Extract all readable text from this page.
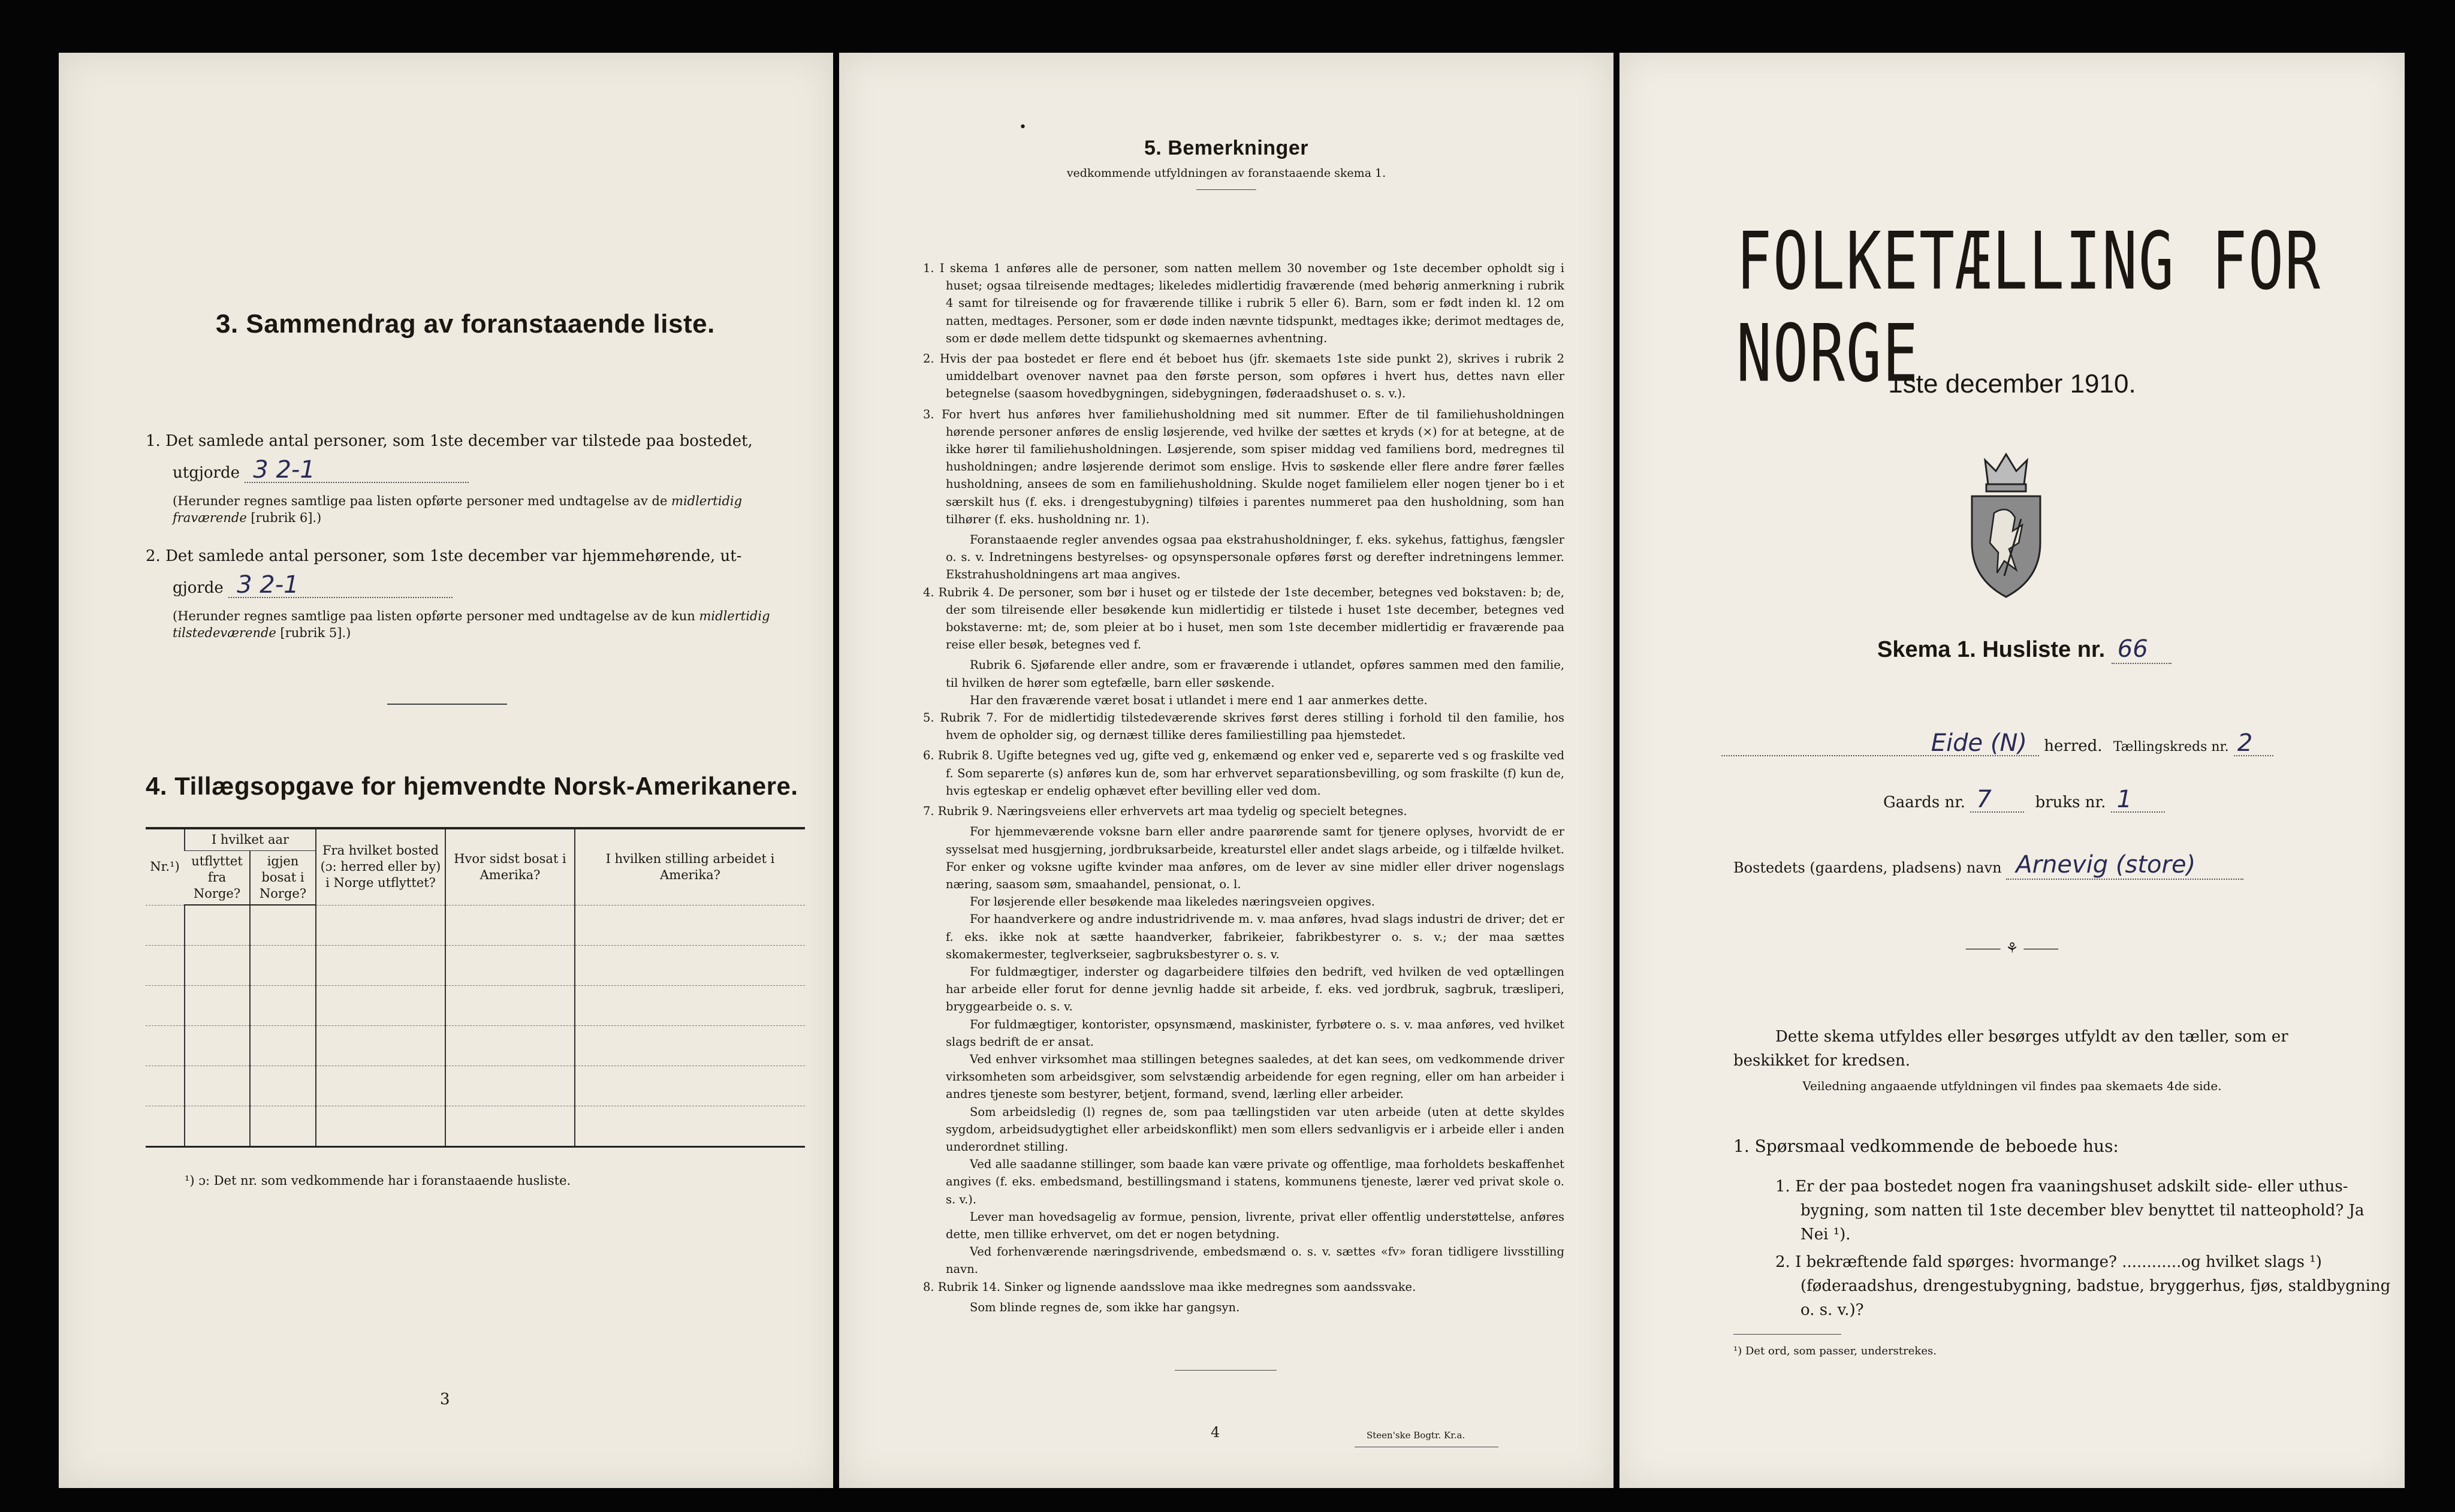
3. Sammendrag av foranstaaende liste.
1. Det samlede antal personer, som 1ste december var tilstede paa bostedet,
utgjorde 3 2-1
(Herunder regnes samtlige paa listen opførte personer med undtagelse av de midlertidig fraværende [rubrik 6].)
2. Det samlede antal personer, som 1ste december var hjemmehørende, ut-
gjorde 3 2-1
(Herunder regnes samtlige paa listen opførte personer med undtagelse av de kun midlertidig tilstedeværende [rubrik 5].)
4. Tillægsopgave for hjemvendte Norsk-Amerikanere.
Nr.¹)	I hvilket aar		Fra hvilket bosted (ɔ: herred eller by) i Norge utflyttet?	Hvor sidst bosat i Amerika?	I hvilken stilling arbeidet i Amerika?
	utflyttet fra Norge?	igjen bosat i Norge?			

¹) ɔ: Det nr. som vedkommende har i foranstaaende husliste.
3
•
5. Bemerkninger
vedkommende utfyldningen av foranstaaende skema 1.

1. I skema 1 anføres alle de personer, som natten mellem 30 november og 1ste december opholdt sig i huset; ogsaa tilreisende medtages; likeledes midlertidig fraværende (med behørig anmerkning i rubrik 4 samt for tilreisende og for fraværende tillike i rubrik 5 eller 6). Barn, som er født inden kl. 12 om natten, medtages. Personer, som er døde inden nævnte tidspunkt, medtages ikke; derimot medtages de, som er døde mellem dette tidspunkt og skemaernes avhentning.

2. Hvis der paa bostedet er flere end ét beboet hus (jfr. skemaets 1ste side punkt 2), skrives i rubrik 2 umiddelbart ovenover navnet paa den første person, som opføres i hvert hus, dettes navn eller betegnelse (saasom hovedbygningen, sidebygningen, føderaadshuset o. s. v.).

3. For hvert hus anføres hver familiehusholdning med sit nummer. Efter de til familiehusholdningen hørende personer anføres de enslig løsjerende, ved hvilke der sættes et kryds (×) for at betegne, at de ikke hører til familiehusholdningen. Løsjerende, som spiser middag ved familiens bord, medregnes til husholdningen; andre løsjerende derimot som enslige. Hvis to søskende eller flere andre fører fælles husholdning, ansees de som en familiehusholdning. Skulde noget familielem eller nogen tjener bo i et særskilt hus (f. eks. i drengestubygning) tilføies i parentes nummeret paa den husholdning, som han tilhører (f. eks. husholdning nr. 1).

Foranstaaende regler anvendes ogsaa paa ekstrahusholdninger, f. eks. sykehus, fattighus, fængsler o. s. v. Indretningens bestyrelses- og opsynspersonale opføres først og derefter indretningens lemmer. Ekstrahusholdningens art maa angives.

4. Rubrik 4. De personer, som bør i huset og er tilstede der 1ste december, betegnes ved bokstaven: b; de, der som tilreisende eller besøkende kun midlertidig er tilstede i huset 1ste december, betegnes ved bokstaverne: mt; de, som pleier at bo i huset, men som 1ste december midlertidig er fraværende paa reise eller besøk, betegnes ved f.

Rubrik 6. Sjøfarende eller andre, som er fraværende i utlandet, opføres sammen med den familie, til hvilken de hører som egtefælle, barn eller søskende.

Har den fraværende været bosat i utlandet i mere end 1 aar anmerkes dette.

5. Rubrik 7. For de midlertidig tilstedeværende skrives først deres stilling i forhold til den familie, hos hvem de opholder sig, og dernæst tillike deres familiestilling paa hjemstedet.

6. Rubrik 8. Ugifte betegnes ved ug, gifte ved g, enkemænd og enker ved e, separerte ved s og fraskilte ved f. Som separerte (s) anføres kun de, som har erhvervet separationsbevilling, og som fraskilte (f) kun de, hvis egteskap er endelig ophævet efter bevilling eller ved dom.

7. Rubrik 9. Næringsveiens eller erhvervets art maa tydelig og specielt betegnes.

For hjemmeværende voksne barn eller andre paarørende samt for tjenere oplyses, hvorvidt de er sysselsat med husgjerning, jordbruksarbeide, kreaturstel eller andet slags arbeide, og i tilfælde hvilket. For enker og voksne ugifte kvinder maa anføres, om de lever av sine midler eller driver nogenslags næring, saasom søm, smaahandel, pensionat, o. l.

For løsjerende eller besøkende maa likeledes næringsveien opgives.

For haandverkere og andre industridrivende m. v. maa anføres, hvad slags industri de driver; det er f. eks. ikke nok at sætte haandverker, fabrikeier, fabrikbestyrer o. s. v.; der maa sættes skomakermester, teglverkseier, sagbruksbestyrer o. s. v.

For fuldmægtiger, inderster og dagarbeidere tilføies den bedrift, ved hvilken de ved optællingen har arbeide eller forut for denne jevnlig hadde sit arbeide, f. eks. ved jordbruk, sagbruk, træsliperi, bryggearbeide o. s. v.

For fuldmægtiger, kontorister, opsynsmænd, maskinister, fyrbøtere o. s. v. maa anføres, ved hvilket slags bedrift de er ansat.

Ved enhver virksomhet maa stillingen betegnes saaledes, at det kan sees, om vedkommende driver virksomheten som arbeidsgiver, som selvstændig arbeidende for egen regning, eller om han arbeider i andres tjeneste som bestyrer, betjent, formand, svend, lærling eller arbeider.

Som arbeidsledig (l) regnes de, som paa tællingstiden var uten arbeide (uten at dette skyldes sygdom, arbeidsudygtighet eller arbeidskonflikt) men som ellers sedvanligvis er i arbeide eller i anden underordnet stilling.

Ved alle saadanne stillinger, som baade kan være private og offentlige, maa forholdets beskaffenhet angives (f. eks. embedsmand, bestillingsmand i statens, kommunens tjeneste, lærer ved privat skole o. s. v.).

Lever man hovedsagelig av formue, pension, livrente, privat eller offentlig understøttelse, anføres dette, men tillike erhvervet, om det er nogen betydning.

Ved forhenværende næringsdrivende, embedsmænd o. s. v. sættes «fv» foran tidligere livsstilling navn.

8. Rubrik 14. Sinker og lignende aandsslove maa ikke medregnes som aandssvake.

Som blinde regnes de, som ikke har gangsyn.

4	Steen'ske Bogtr. Kr.a.
FOLKETÆLLING FOR NORGE
1ste december 1910.
Skema 1. Husliste nr. 66
Eide (N) herred. Tællingskreds nr. 2
Gaards nr. 7	bruks nr. 1
Bostedets (gaardens, pladsens) navn Arnevig (store)
⸻ ⚘ ⸻
Dette skema utfyldes eller besørges utfyldt av den tæller, som er beskikket for kredsen.
Veiledning angaaende utfyldningen vil findes paa skemaets 4de side.
1. Spørsmaal vedkommende de beboede hus:
1. Er der paa bostedet nogen fra vaaningshuset adskilt side- eller uthus-bygning, som natten til 1ste december blev benyttet til natteophold? Ja Nei ¹).
2. I bekræftende fald spørges: hvormange? ............og hvilket slags ¹) (føderaadshus, drengestubygning, badstue, bryggerhus, fjøs, staldbygning o. s. v.)?
¹) Det ord, som passer, understrekes.
